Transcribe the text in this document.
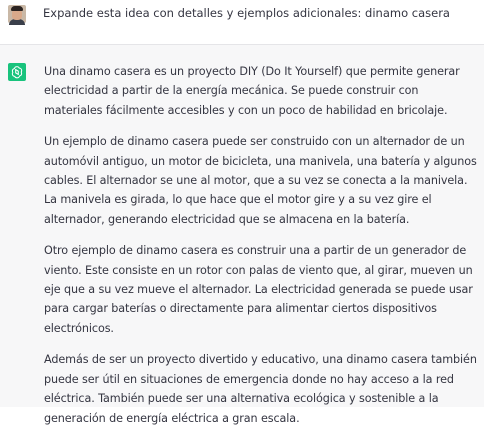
Expande esta idea con detalles y ejemplos adicionales: dinamo casera

Una dinamo casera es un proyecto DIY (Do It Yourself) que permite generar electricidad a partir de la energía mecánica. Se puede construir con materiales fácilmente accesibles y con un poco de habilidad en bricolaje.

Un ejemplo de dinamo casera puede ser construido con un alternador de un automóvil antiguo, un motor de bicicleta, una manivela, una batería y algunos cables. El alternador se une al motor, que a su vez se conecta a la manivela. La manivela es girada, lo que hace que el motor gire y a su vez gire el alternador, generando electricidad que se almacena en la batería.

Otro ejemplo de dinamo casera es construir una a partir de un generador de viento. Este consiste en un rotor con palas de viento que, al girar, mueven un eje que a su vez mueve el alternador. La electricidad generada se puede usar para cargar baterías o directamente para alimentar ciertos dispositivos electrónicos.

Además de ser un proyecto divertido y educativo, una dinamo casera también puede ser útil en situaciones de emergencia donde no hay acceso a la red eléctrica. También puede ser una alternativa ecológica y sostenible a la generación de energía eléctrica a gran escala.
